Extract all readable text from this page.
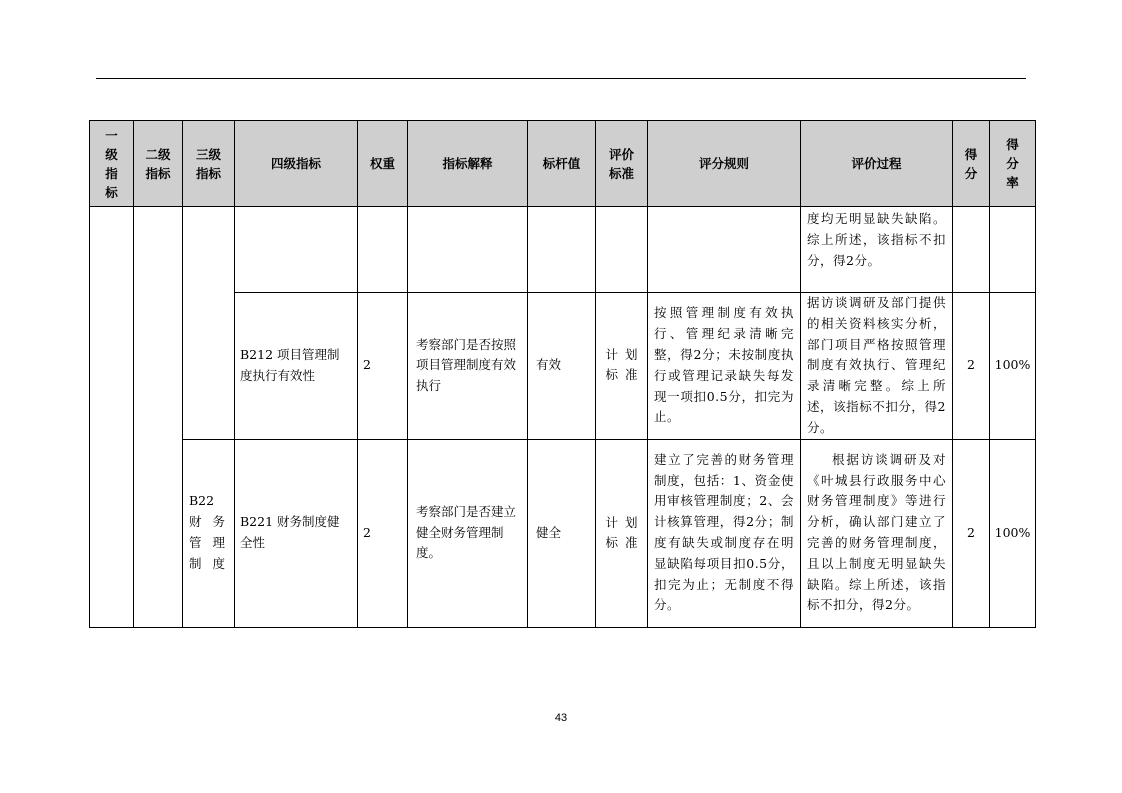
一级指标	二级指标	三级指标	四级指标	权重	指标解释	标杆值	评价标准	评分规则	评价过程	得分	得分率

									度均无明显缺失缺陷。综上所述，该指标不扣分，得2分。		

			B212 项目管理制度执行有效性	2	考察部门是否按照项目管理制度有效执行	有效	计划标准	按照管理制度有效执行、管理纪录清晰完整，得2分；未按制度执行或管理记录缺失每发现一项扣0.5分，扣完为止。	据访谈调研及部门提供的相关资料核实分析，部门项目严格按照管理制度有效执行、管理纪录清晰完整。综上所述，该指标不扣分，得2分。	2	100%
		B22财务管理制度	B221 财务制度健全性	2	考察部门是否建立健全财务管理制度。	健全	计划标准	建立了完善的财务管理制度，包括：1、资金使用审核管理制度；2、会计核算管理，得2分；制度有缺失或制度存在明显缺陷每项目扣0.5分，扣完为止；无制度不得分。	根据访谈调研及对《叶城县行政服务中心财务管理制度》等进行分析，确认部门建立了完善的财务管理制度，且以上制度无明显缺失缺陷。综上所述，该指标不扣分，得2分。	2	100%
43
